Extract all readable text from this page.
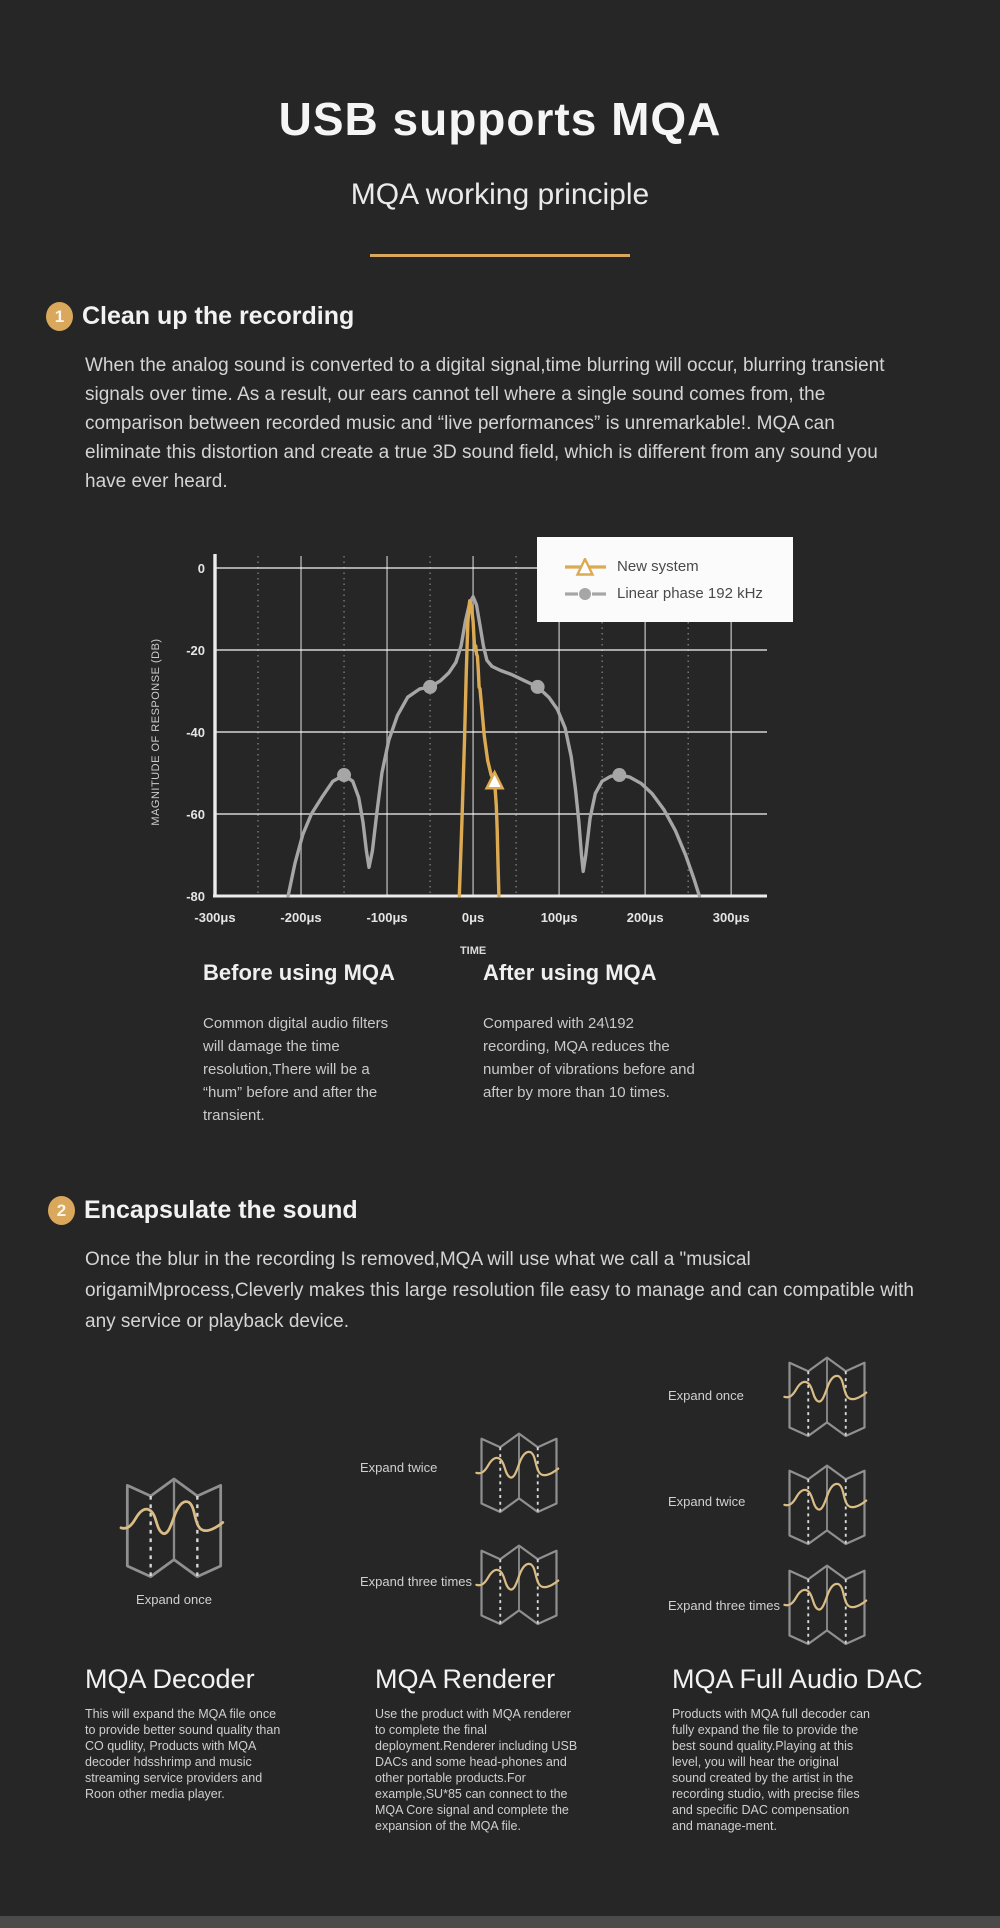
USB supports MQA
MQA working principle
1 Clean up the recording
When the analog sound is converted to a digital signal,time blurring will occur, blurring transient signals over time. As a result, our ears cannot tell where a single sound comes from, the comparison between recorded music and “live performances” is unremarkable!. MQA can eliminate this distortion and create a true 3D sound field, which is different from any sound you have ever heard.
0
-20
-40
-60
-80
-300μs	-200μs	-100μs	0μs	100μs	200μs	300μs
TIME
MAGNITUDE OF RESPONSE (DB)
New system
Linear phase 192 kHz
Before using MQA	After using MQA
Common digital audio filters will damage the time resolution,There will be a “hum” before and after the transient.
Compared with 24\192 recording, MQA reduces the number of vibrations before and after by more than 10 times.
2 Encapsulate the sound
Once the blur in the recording Is removed,MQA will use what we call a "musical origamiMprocess,Cleverly makes this large resolution file easy to manage and can compatible with any service or playback device.
Expand once
Expand twice
Expand three times
Expand once
Expand twice
Expand three times
MQA Decoder
This will expand the MQA file once to provide better sound quality than CO qudlity, Products with MQA decoder hdsshrimp and music streaming service providers and Roon other media player.
MQA Renderer
Use the product with MQA renderer to complete the final deployment.Renderer including USB DACs and some head-phones and other portable products.For example,SU*85 can connect to the MQA Core signal and complete the expansion of the MQA file.
MQA Full Audio DAC
Products with MQA full decoder can fully expand the file to provide the best sound quality.Playing at this level, you will hear the original sound created by the artist in the recording studio, with precise files and specific DAC compensation and manage-ment.
